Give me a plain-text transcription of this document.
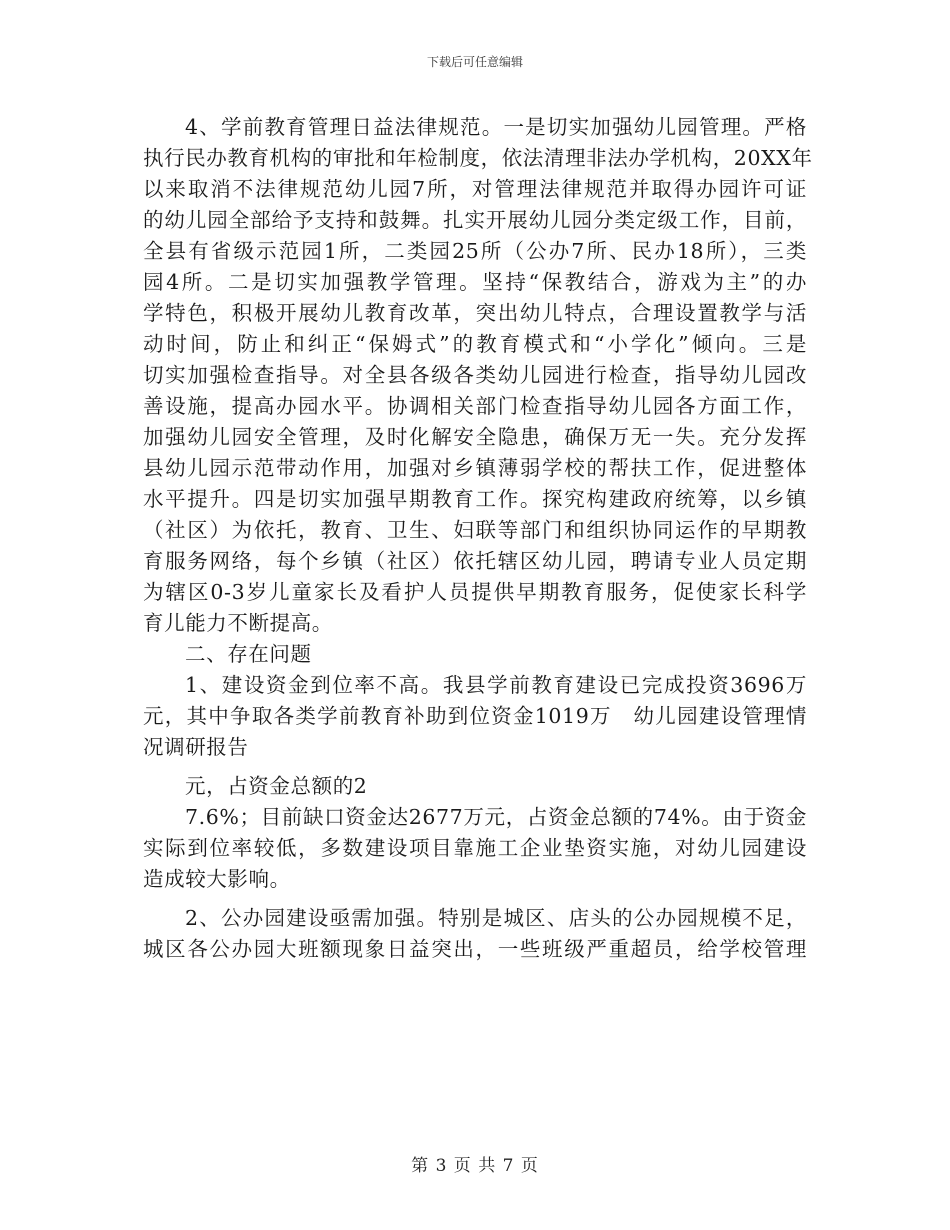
下载后可任意编辑
4、学前教育管理日益法律规范。一是切实加强幼儿园管理。严格
执行民办教育机构的审批和年检制度，依法清理非法办学机构，20XX年
以来取消不法律规范幼儿园7所，对管理法律规范并取得办园许可证
的幼儿园全部给予支持和鼓舞。扎实开展幼儿园分类定级工作，目前，
全县有省级示范园1所，二类园25所（公办7所、民办18所），三类
园4所。二是切实加强教学管理。坚持“保教结合，游戏为主”的办
学特色，积极开展幼儿教育改革，突出幼儿特点，合理设置教学与活
动时间，防止和纠正“保姆式”的教育模式和“小学化”倾向。三是
切实加强检查指导。对全县各级各类幼儿园进行检查，指导幼儿园改
善设施，提高办园水平。协调相关部门检查指导幼儿园各方面工作，
加强幼儿园安全管理，及时化解安全隐患，确保万无一失。充分发挥
县幼儿园示范带动作用，加强对乡镇薄弱学校的帮扶工作，促进整体
水平提升。四是切实加强早期教育工作。探究构建政府统筹，以乡镇
（社区）为依托，教育、卫生、妇联等部门和组织协同运作的早期教
育服务网络，每个乡镇（社区）依托辖区幼儿园，聘请专业人员定期
为辖区0-3岁儿童家长及看护人员提供早期教育服务，促使家长科学
育儿能力不断提高。
二、存在问题
1、建设资金到位率不高。我县学前教育建设已完成投资3696万
元，其中争取各类学前教育补助到位资金1019万　幼儿园建设管理情
况调研报告
元，占资金总额的2
7.6%；目前缺口资金达2677万元，占资金总额的74%。由于资金
实际到位率较低，多数建设项目靠施工企业垫资实施，对幼儿园建设
造成较大影响。
2、公办园建设亟需加强。特别是城区、店头的公办园规模不足，
城区各公办园大班额现象日益突出，一些班级严重超员，给学校管理
第 3 页 共 7 页
